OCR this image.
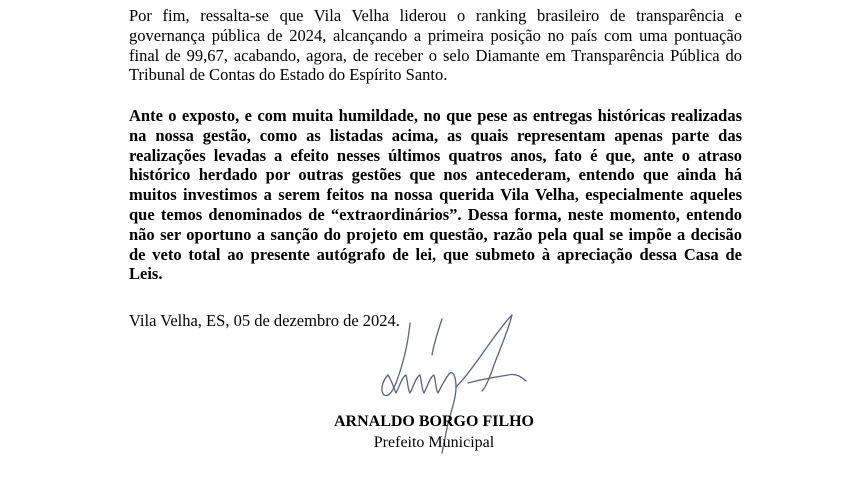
Por fim, ressalta-se que Vila Velha liderou o ranking brasileiro de transparência e governança pública de 2024, alcançando a primeira posição no país com uma pontuação final de 99,67, acabando, agora, de receber o selo Diamante em Transparência Pública do Tribunal de Contas do Estado do Espírito Santo.

Ante o exposto, e com muita humildade, no que pese as entregas históricas realizadas na nossa gestão, como as listadas acima, as quais representam apenas parte das realizações levadas a efeito nesses últimos quatros anos, fato é que, ante o atraso histórico herdado por outras gestões que nos antecederam, entendo que ainda há muitos investimos a serem feitos na nossa querida Vila Velha, especialmente aqueles que temos denominados de “extraordinários”. Dessa forma, neste momento, entendo não ser oportuno a sanção do projeto em questão, razão pela qual se impõe a decisão de veto total ao presente autógrafo de lei, que submeto à apreciação dessa Casa de Leis.

Vila Velha, ES, 05 de dezembro de 2024.

ARNALDO BORGO FILHO

Prefeito Municipal
